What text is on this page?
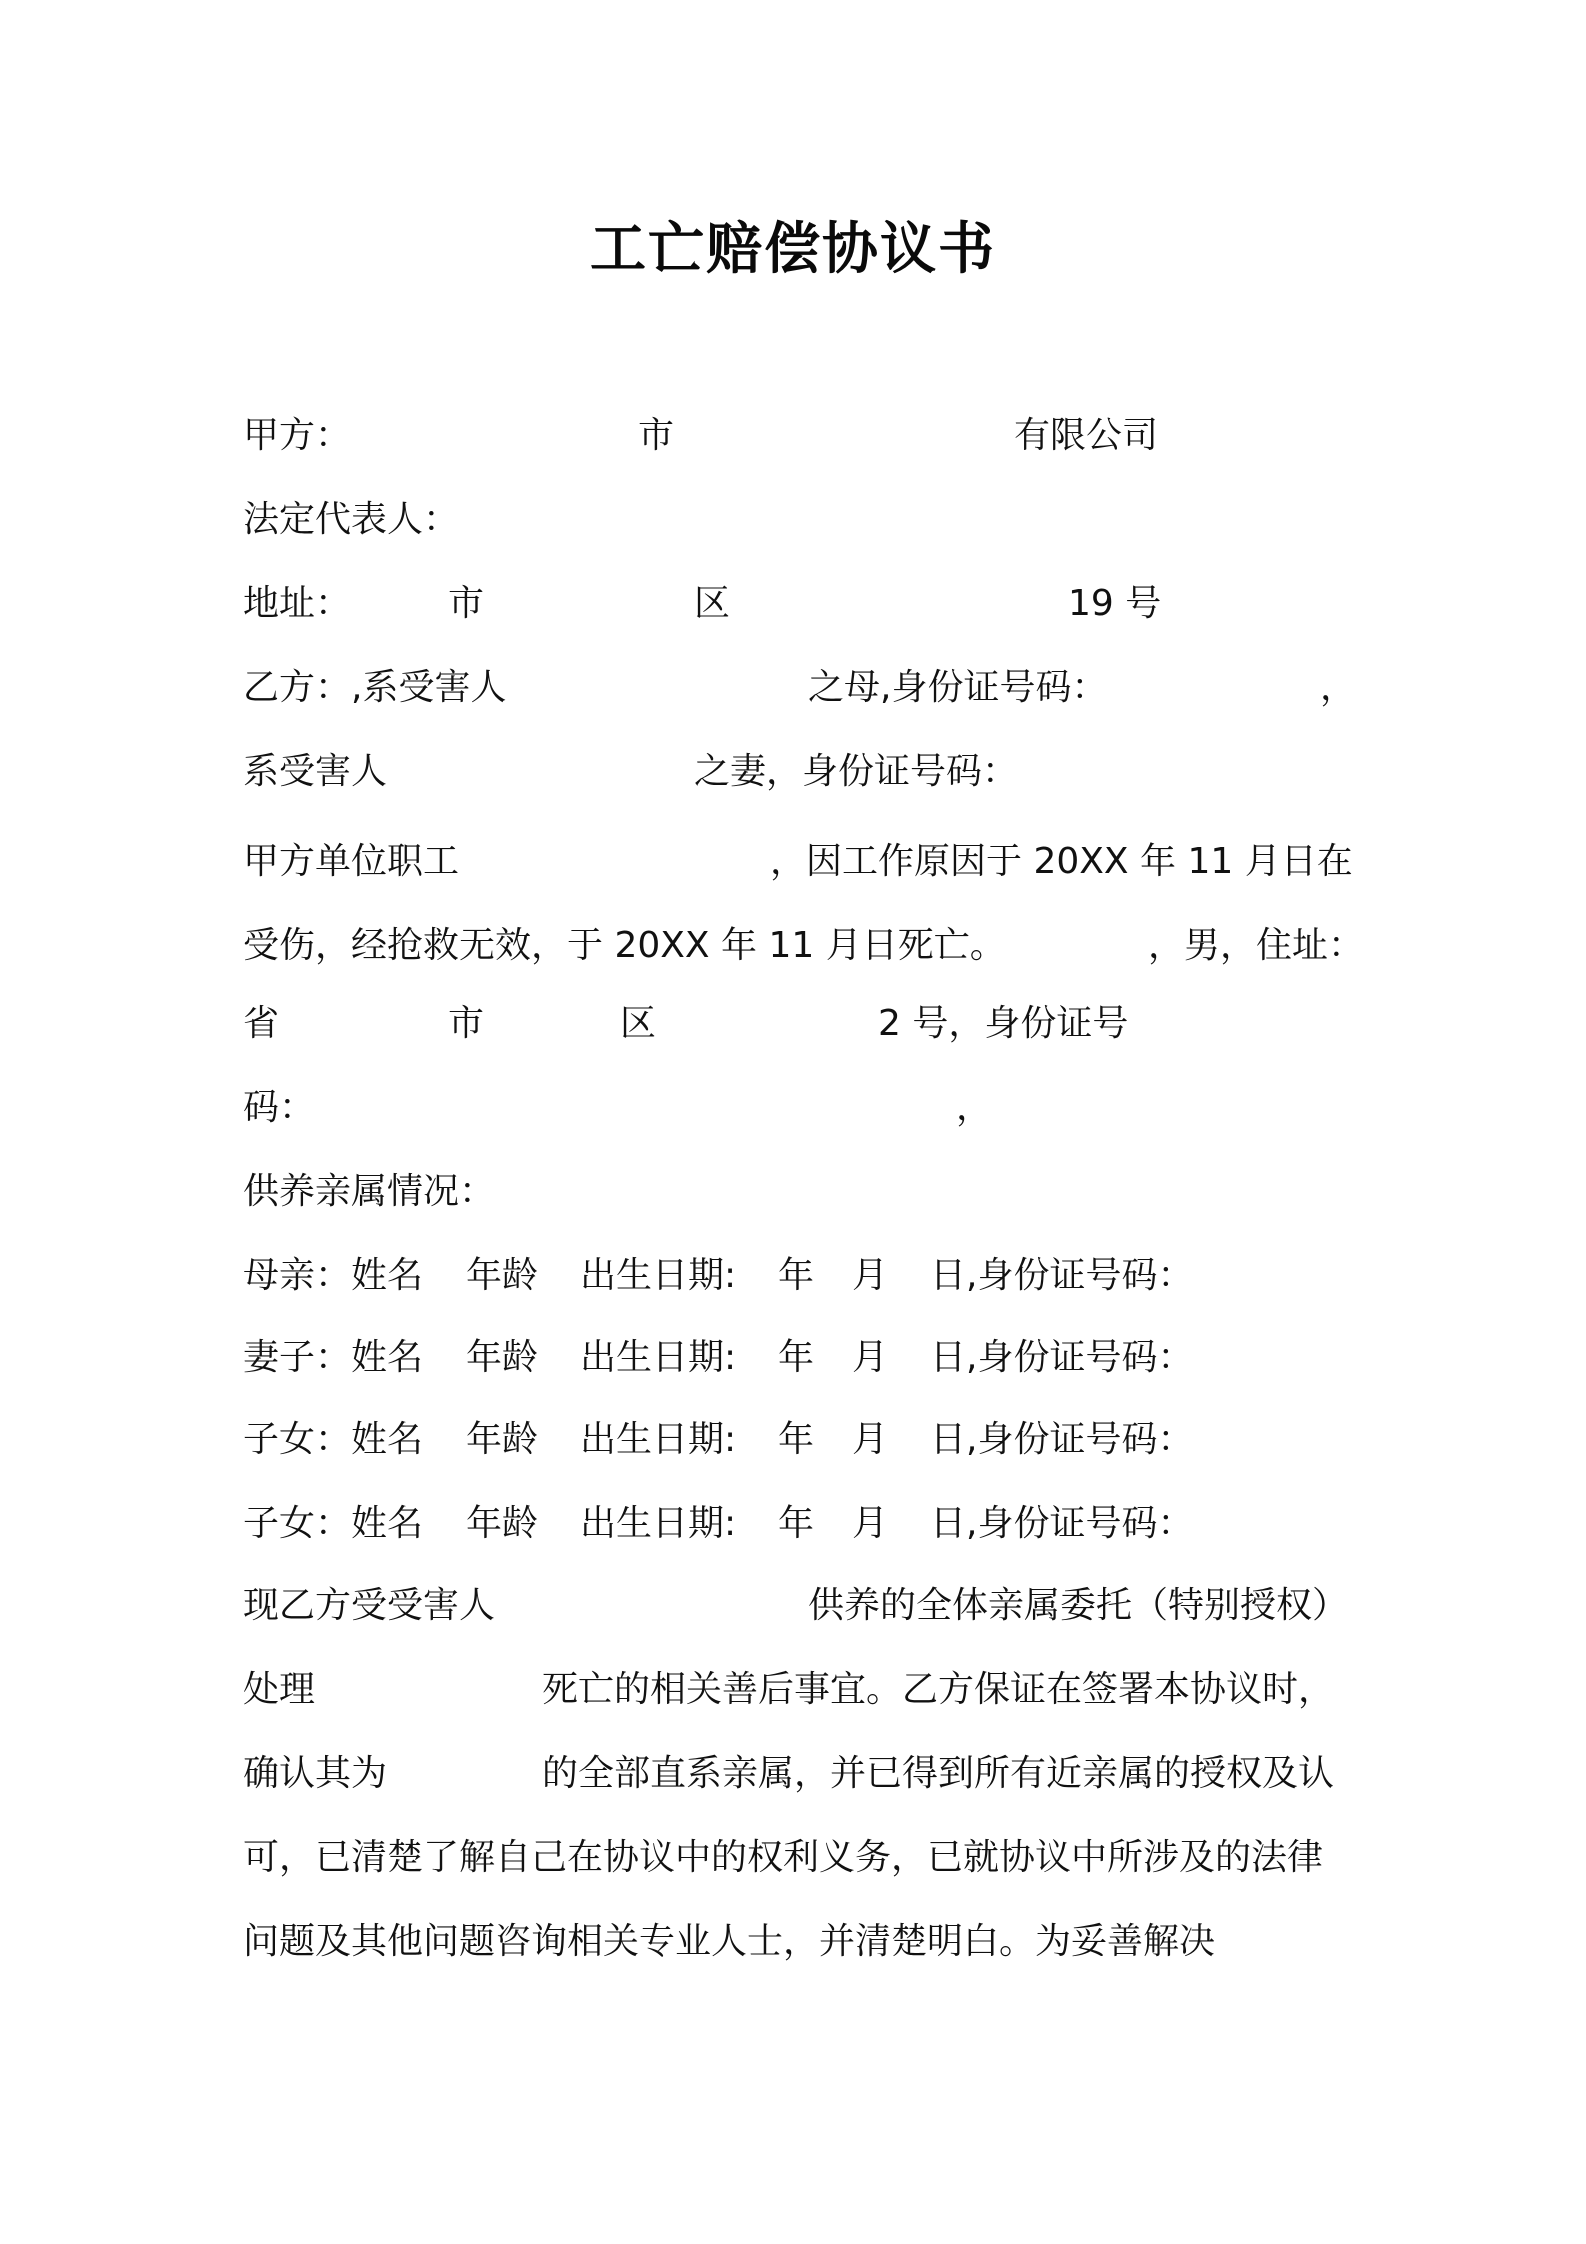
工亡赔偿协议书
甲方：	市	有限公司
法定代表人：
地址：	市	区	19 号
乙方：,系受害人	之母,身份证号码：	，
系受害人	之妻，身份证号码：
甲方单位职工	，因工作原因于 20XX 年 11 月日在
受伤，经抢救无效，于 20XX 年 11 月日死亡。	，男，住址：
省	市	区	2 号，身份证号
码：	，
供养亲属情况：
母亲：姓名 年龄 出生日期: 年 月 日,身份证号码：
妻子：姓名 年龄 出生日期: 年 月 日,身份证号码：
子女：姓名 年龄 出生日期: 年 月 日,身份证号码：
子女：姓名 年龄 出生日期: 年 月 日,身份证号码：
现乙方受受害人	供养的全体亲属委托（特别授权）
处理	死亡的相关善后事宜。乙方保证在签署本协议时，
确认其为	的全部直系亲属，并已得到所有近亲属的授权及认
可，已清楚了解自己在协议中的权利义务，已就协议中所涉及的法律
问题及其他问题咨询相关专业人士，并清楚明白。为妥善解决
